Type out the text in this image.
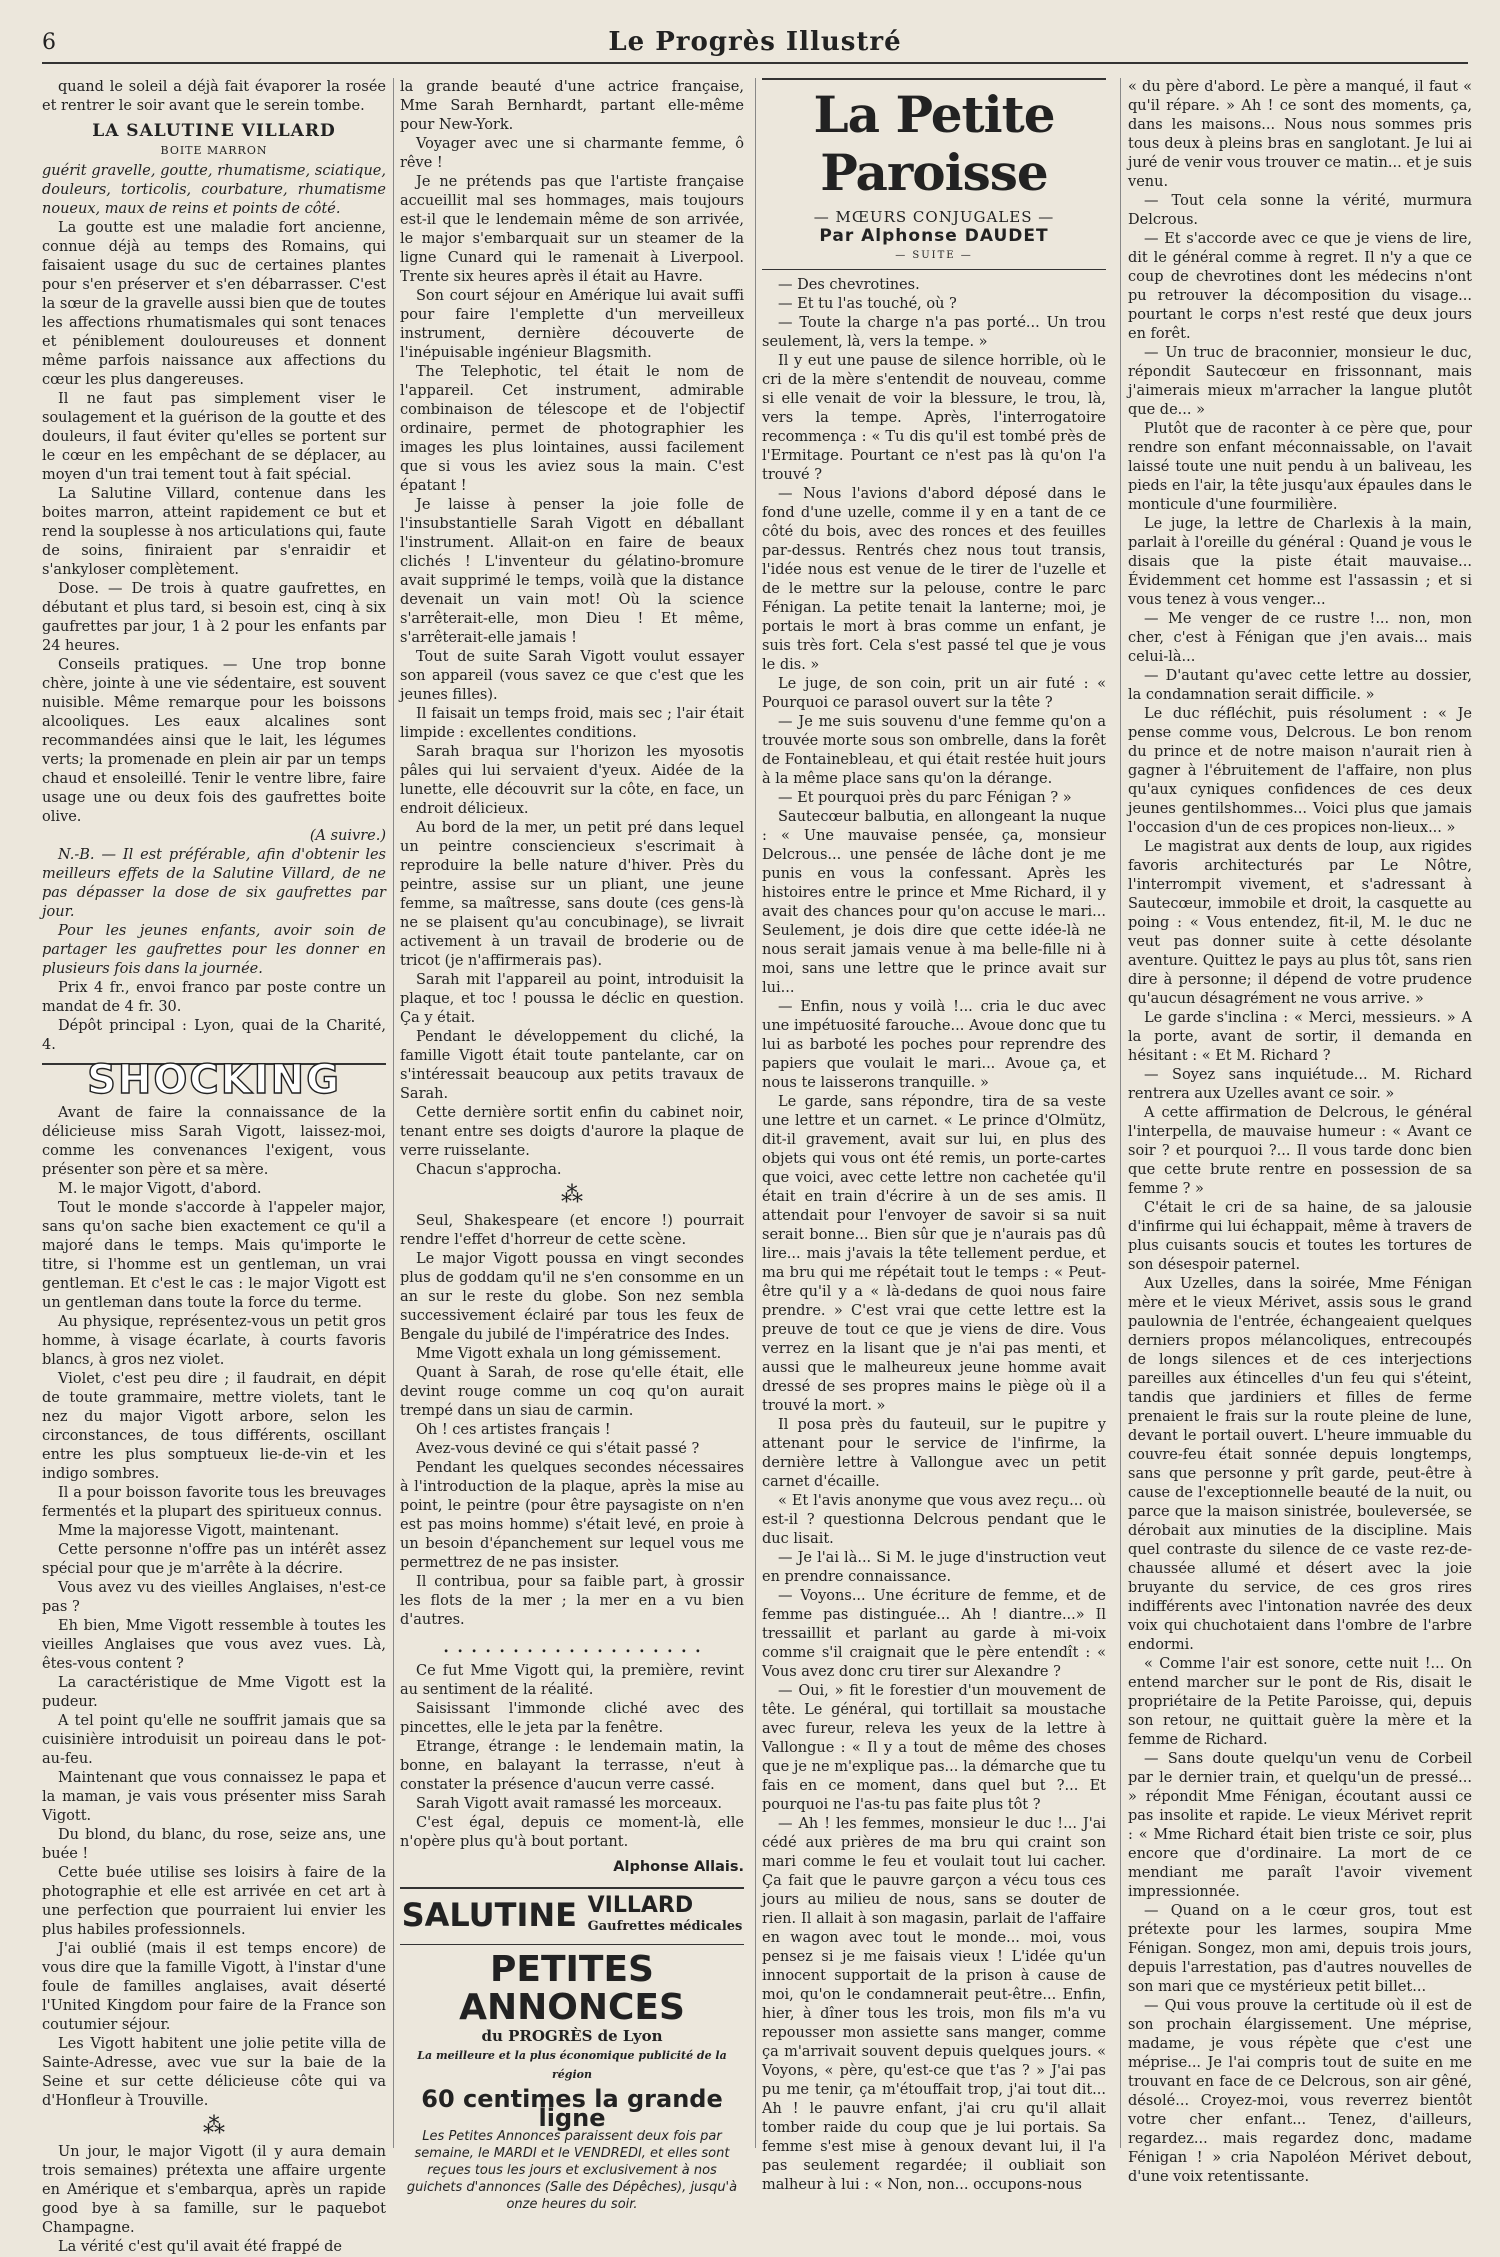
6	Le Progrès Illustré

quand le soleil a déjà fait évaporer la rosée et rentrer le soir avant que le serein tombe.

LA SALUTINE VILLARD
BOITE MARRON

guérit gravelle, goutte, rhumatisme, sciatique, douleurs, torticolis, courbature, rhumatisme noueux, maux de reins et points de côté.

La goutte est une maladie fort ancienne, connue déjà au temps des Romains, qui faisaient usage du suc de certaines plantes pour s'en préserver et s'en débarrasser. C'est la sœur de la gravelle aussi bien que de toutes les affections rhumatismales qui sont tenaces et péniblement douloureuses et donnent même parfois naissance aux affections du cœur les plus dangereuses.

Il ne faut pas simplement viser le soulagement et la guérison de la goutte et des douleurs, il faut éviter qu'elles se portent sur le cœur en les empêchant de se déplacer, au moyen d'un trai tement tout à fait spécial.

La Salutine Villard, contenue dans les boites marron, atteint rapidement ce but et rend la souplesse à nos articulations qui, faute de soins, finiraient par s'enraidir et s'ankyloser complètement.

Dose. — De trois à quatre gaufrettes, en débutant et plus tard, si besoin est, cinq à six gaufrettes par jour, 1 à 2 pour les enfants par 24 heures.

Conseils pratiques. — Une trop bonne chère, jointe à une vie sédentaire, est souvent nuisible. Même remarque pour les boissons alcooliques. Les eaux alcalines sont recommandées ainsi que le lait, les légumes verts; la promenade en plein air par un temps chaud et ensoleillé. Tenir le ventre libre, faire usage une ou deux fois des gaufrettes boite olive.

(A suivre.)

N.-B. — Il est préférable, afin d'obtenir les meilleurs effets de la Salutine Villard, de ne pas dépasser la dose de six gaufrettes par jour.

Pour les jeunes enfants, avoir soin de partager les gaufrettes pour les donner en plusieurs fois dans la journée.

Prix 4 fr., envoi franco par poste contre un mandat de 4 fr. 30.

Dépôt principal : Lyon, quai de la Charité, 4.

SHOCKING

Avant de faire la connaissance de la délicieuse miss Sarah Vigott, laissez-moi, comme les convenances l'exigent, vous présenter son père et sa mère.

M. le major Vigott, d'abord.

Tout le monde s'accorde à l'appeler major, sans qu'on sache bien exactement ce qu'il a majoré dans le temps. Mais qu'importe le titre, si l'homme est un gentleman, un vrai gentleman. Et c'est le cas : le major Vigott est un gentleman dans toute la force du terme.

Au physique, représentez-vous un petit gros homme, à visage écarlate, à courts favoris blancs, à gros nez violet.

Violet, c'est peu dire ; il faudrait, en dépit de toute grammaire, mettre violets, tant le nez du major Vigott arbore, selon les circonstances, de tous différents, oscillant entre les plus somptueux lie-de-vin et les indigo sombres.

Il a pour boisson favorite tous les breuvages fermentés et la plupart des spiritueux connus.

Mme la majoresse Vigott, maintenant.

Cette personne n'offre pas un intérêt assez spécial pour que je m'arrête à la décrire.

Vous avez vu des vieilles Anglaises, n'est-ce pas ?

Eh bien, Mme Vigott ressemble à toutes les vieilles Anglaises que vous avez vues. Là, êtes-vous content ?

La caractéristique de Mme Vigott est la pudeur.

A tel point qu'elle ne souffrit jamais que sa cuisinière introduisit un poireau dans le pot-au-feu.

Maintenant que vous connaissez le papa et la maman, je vais vous présenter miss Sarah Vigott.

Du blond, du blanc, du rose, seize ans, une buée !

Cette buée utilise ses loisirs à faire de la photographie et elle est arrivée en cet art à une perfection que pourraient lui envier les plus habiles professionnels.

J'ai oublié (mais il est temps encore) de vous dire que la famille Vigott, à l'instar d'une foule de familles anglaises, avait déserté l'United Kingdom pour faire de la France son coutumier séjour.

Les Vigott habitent une jolie petite villa de Sainte-Adresse, avec vue sur la baie de la Seine et sur cette délicieuse côte qui va d'Honfleur à Trouville.

⁂

Un jour, le major Vigott (il y aura demain trois semaines) prétexta une affaire urgente en Amérique et s'embarqua, après un rapide good bye à sa famille, sur le paquebot Champagne.

La vérité c'est qu'il avait été frappé de

la grande beauté d'une actrice française, Mme Sarah Bernhardt, partant elle-même pour New-York.

Voyager avec une si charmante femme, ô rêve !

Je ne prétends pas que l'artiste française accueillit mal ses hommages, mais toujours est-il que le lendemain même de son arrivée, le major s'embarquait sur un steamer de la ligne Cunard qui le ramenait à Liverpool. Trente six heures après il était au Havre.

Son court séjour en Amérique lui avait suffi pour faire l'emplette d'un merveilleux instrument, dernière découverte de l'inépuisable ingénieur Blagsmith.

The Telephotic, tel était le nom de l'appareil. Cet instrument, admirable combinaison de télescope et de l'objectif ordinaire, permet de photographier les images les plus lointaines, aussi facilement que si vous les aviez sous la main. C'est épatant !

Je laisse à penser la joie folle de l'insubstantielle Sarah Vigott en déballant l'instrument. Allait-on en faire de beaux clichés ! L'inventeur du gélatino-bromure avait supprimé le temps, voilà que la distance devenait un vain mot! Où la science s'arrêterait-elle, mon Dieu ! Et même, s'arrêterait-elle jamais !

Tout de suite Sarah Vigott voulut essayer son appareil (vous savez ce que c'est que les jeunes filles).

Il faisait un temps froid, mais sec ; l'air était limpide : excellentes conditions.

Sarah braqua sur l'horizon les myosotis pâles qui lui servaient d'yeux. Aidée de la lunette, elle découvrit sur la côte, en face, un endroit délicieux.

Au bord de la mer, un petit pré dans lequel un peintre consciencieux s'escrimait à reproduire la belle nature d'hiver. Près du peintre, assise sur un pliant, une jeune femme, sa maîtresse, sans doute (ces gens-là ne se plaisent qu'au concubinage), se livrait activement à un travail de broderie ou de tricot (je n'affirmerais pas).

Sarah mit l'appareil au point, introduisit la plaque, et toc ! poussa le déclic en question. Ça y était.

Pendant le développement du cliché, la famille Vigott était toute pantelante, car on s'intéressait beaucoup aux petits travaux de Sarah.

Cette dernière sortit enfin du cabinet noir, tenant entre ses doigts d'aurore la plaque de verre ruisselante.

Chacun s'approcha.

⁂

Seul, Shakespeare (et encore !) pourrait rendre l'effet d'horreur de cette scène.

Le major Vigott poussa en vingt secondes plus de goddam qu'il ne s'en consomme en un an sur le reste du globe. Son nez sembla successivement éclairé par tous les feux de Bengale du jubilé de l'impératrice des Indes.

Mme Vigott exhala un long gémissement.

Quant à Sarah, de rose qu'elle était, elle devint rouge comme un coq qu'on aurait trempé dans un siau de carmin.

Oh ! ces artistes français !

Avez-vous deviné ce qui s'était passé ?

Pendant les quelques secondes nécessaires à l'introduction de la plaque, après la mise au point, le peintre (pour être paysagiste on n'en est pas moins homme) s'était levé, en proie à un besoin d'épanchement sur lequel vous me permettrez de ne pas insister.

Il contribua, pour sa faible part, à grossir les flots de la mer ; la mer en a vu bien d'autres.

. . . . . . . . . . . . . . . . . . .

Ce fut Mme Vigott qui, la première, revint au sentiment de la réalité.

Saisissant l'immonde cliché avec des pincettes, elle le jeta par la fenêtre.

Etrange, étrange : le lendemain matin, la bonne, en balayant la terrasse, n'eut à constater la présence d'aucun verre cassé.

Sarah Vigott avait ramassé les morceaux.

C'est égal, depuis ce moment-là, elle n'opère plus qu'à bout portant.

Alphonse Allais.
SALUTINE VILLARD
Gaufrettes médicales
PETITES ANNONCES
du PROGRÈS de Lyon
La meilleure et la plus économique publicité de la région
60 centimes la grande ligne
Les Petites Annonces paraissent deux fois par semaine, le MARDI et le VENDREDI, et elles sont reçues tous les jours et exclusivement à nos guichets d'annonces (Salle des Dépêches), jusqu'à onze heures du soir.
La Petite Paroisse
— MŒURS CONJUGALES —
Par Alphonse DAUDET
— SUITE —

— Des chevrotines.

— Et tu l'as touché, où ?

— Toute la charge n'a pas porté... Un trou seulement, là, vers la tempe. »

Il y eut une pause de silence horrible, où le cri de la mère s'entendit de nouveau, comme si elle venait de voir la blessure, le trou, là, vers la tempe. Après, l'interrogatoire recommença : « Tu dis qu'il est tombé près de l'Ermitage. Pourtant ce n'est pas là qu'on l'a trouvé ?

— Nous l'avions d'abord déposé dans le fond d'une uzelle, comme il y en a tant de ce côté du bois, avec des ronces et des feuilles par-dessus. Rentrés chez nous tout transis, l'idée nous est venue de le tirer de l'uzelle et de le mettre sur la pelouse, contre le parc Fénigan. La petite tenait la lanterne; moi, je portais le mort à bras comme un enfant, je suis très fort. Cela s'est passé tel que je vous le dis. »

Le juge, de son coin, prit un air futé : « Pourquoi ce parasol ouvert sur la tête ?

— Je me suis souvenu d'une femme qu'on a trouvée morte sous son ombrelle, dans la forêt de Fontainebleau, et qui était restée huit jours à la même place sans qu'on la dérange.

— Et pourquoi près du parc Fénigan ? »

Sautecœur balbutia, en allongeant la nuque : « Une mauvaise pensée, ça, monsieur Delcrous... une pensée de lâche dont je me punis en vous la confessant. Après les histoires entre le prince et Mme Richard, il y avait des chances pour qu'on accuse le mari... Seulement, je dois dire que cette idée-là ne nous serait jamais venue à ma belle-fille ni à moi, sans une lettre que le prince avait sur lui...

— Enfin, nous y voilà !... cria le duc avec une impétuosité farouche... Avoue donc que tu lui as barboté les poches pour reprendre des papiers que voulait le mari... Avoue ça, et nous te laisserons tranquille. »

Le garde, sans répondre, tira de sa veste une lettre et un carnet. « Le prince d'Olmütz, dit-il gravement, avait sur lui, en plus des objets qui vous ont été remis, un porte-cartes que voici, avec cette lettre non cachetée qu'il était en train d'écrire à un de ses amis. Il attendait pour l'envoyer de savoir si sa nuit serait bonne... Bien sûr que je n'aurais pas dû lire... mais j'avais la tête tellement perdue, et ma bru qui me répétait tout le temps : « Peut-être qu'il y a « là-dedans de quoi nous faire prendre. » C'est vrai que cette lettre est la preuve de tout ce que je viens de dire. Vous verrez en la lisant que je n'ai pas menti, et aussi que le malheureux jeune homme avait dressé de ses propres mains le piège où il a trouvé la mort. »

Il posa près du fauteuil, sur le pupitre y attenant pour le service de l'infirme, la dernière lettre à Vallongue avec un petit carnet d'écaille.

« Et l'avis anonyme que vous avez reçu... où est-il ? questionna Delcrous pendant que le duc lisait.

— Je l'ai là... Si M. le juge d'instruction veut en prendre connaissance.

— Voyons... Une écriture de femme, et de femme pas distinguée... Ah ! diantre...» Il tressaillit et parlant au garde à mi-voix comme s'il craignait que le père entendît : « Vous avez donc cru tirer sur Alexandre ?

— Oui, » fit le forestier d'un mouvement de tête. Le général, qui tortillait sa moustache avec fureur, releva les yeux de la lettre à Vallongue : « Il y a tout de même des choses que je ne m'explique pas... la démarche que tu fais en ce moment, dans quel but ?... Et pourquoi ne l'as-tu pas faite plus tôt ?

— Ah ! les femmes, monsieur le duc !... J'ai cédé aux prières de ma bru qui craint son mari comme le feu et voulait tout lui cacher. Ça fait que le pauvre garçon a vécu tous ces jours au milieu de nous, sans se douter de rien. Il allait à son magasin, parlait de l'affaire en wagon avec tout le monde... moi, vous pensez si je me faisais vieux ! L'idée qu'un innocent supportait de la prison à cause de moi, qu'on le condamnerait peut-être... Enfin, hier, à dîner tous les trois, mon fils m'a vu repousser mon assiette sans manger, comme ça m'arrivait souvent depuis quelques jours. « Voyons, « père, qu'est-ce que t'as ? » J'ai pas pu me tenir, ça m'étouffait trop, j'ai tout dit... Ah ! le pauvre enfant, j'ai cru qu'il allait tomber raide du coup que je lui portais. Sa femme s'est mise à genoux devant lui, il l'a pas seulement regardée; il oubliait son malheur à lui : « Non, non... occupons-nous

« du père d'abord. Le père a manqué, il faut « qu'il répare. » Ah ! ce sont des moments, ça, dans les maisons... Nous nous sommes pris tous deux à pleins bras en sanglotant. Je lui ai juré de venir vous trouver ce matin... et je suis venu.

— Tout cela sonne la vérité, murmura Delcrous.

— Et s'accorde avec ce que je viens de lire, dit le général comme à regret. Il n'y a que ce coup de chevrotines dont les médecins n'ont pu retrouver la décomposition du visage... pourtant le corps n'est resté que deux jours en forêt.

— Un truc de braconnier, monsieur le duc, répondit Sautecœur en frissonnant, mais j'aimerais mieux m'arracher la langue plutôt que de... »

Plutôt que de raconter à ce père que, pour rendre son enfant méconnaissable, on l'avait laissé toute une nuit pendu à un baliveau, les pieds en l'air, la tête jusqu'aux épaules dans le monticule d'une fourmilière.

Le juge, la lettre de Charlexis à la main, parlait à l'oreille du général : Quand je vous le disais que la piste était mauvaise... Évidemment cet homme est l'assassin ; et si vous tenez à vous venger...

— Me venger de ce rustre !... non, mon cher, c'est à Fénigan que j'en avais... mais celui-là...

— D'autant qu'avec cette lettre au dossier, la condamnation serait difficile. »

Le duc réfléchit, puis résolument : « Je pense comme vous, Delcrous. Le bon renom du prince et de notre maison n'aurait rien à gagner à l'ébruitement de l'affaire, non plus qu'aux cyniques confidences de ces deux jeunes gentilshommes... Voici plus que jamais l'occasion d'un de ces propices non-lieux... »

Le magistrat aux dents de loup, aux rigides favoris architecturés par Le Nôtre, l'interrompit vivement, et s'adressant à Sautecœur, immobile et droit, la casquette au poing : « Vous entendez, fit-il, M. le duc ne veut pas donner suite à cette désolante aventure. Quittez le pays au plus tôt, sans rien dire à personne; il dépend de votre prudence qu'aucun désagrément ne vous arrive. »

Le garde s'inclina : « Merci, messieurs. » A la porte, avant de sortir, il demanda en hésitant : « Et M. Richard ?

— Soyez sans inquiétude... M. Richard rentrera aux Uzelles avant ce soir. »

A cette affirmation de Delcrous, le général l'interpella, de mauvaise humeur : « Avant ce soir ? et pourquoi ?... Il vous tarde donc bien que cette brute rentre en possession de sa femme ? »

C'était le cri de sa haine, de sa jalousie d'infirme qui lui échappait, même à travers de plus cuisants soucis et toutes les tortures de son désespoir paternel.

Aux Uzelles, dans la soirée, Mme Fénigan mère et le vieux Mérivet, assis sous le grand paulownia de l'entrée, échangeaient quelques derniers propos mélancoliques, entrecoupés de longs silences et de ces interjections pareilles aux étincelles d'un feu qui s'éteint, tandis que jardiniers et filles de ferme prenaient le frais sur la route pleine de lune, devant le portail ouvert. L'heure immuable du couvre-feu était sonnée depuis longtemps, sans que personne y prît garde, peut-être à cause de l'exceptionnelle beauté de la nuit, ou parce que la maison sinistrée, bouleversée, se dérobait aux minuties de la discipline. Mais quel contraste du silence de ce vaste rez-de-chaussée allumé et désert avec la joie bruyante du service, de ces gros rires indifférents avec l'intonation navrée des deux voix qui chuchotaient dans l'ombre de l'arbre endormi.

« Comme l'air est sonore, cette nuit !... On entend marcher sur le pont de Ris, disait le propriétaire de la Petite Paroisse, qui, depuis son retour, ne quittait guère la mère et la femme de Richard.

— Sans doute quelqu'un venu de Corbeil par le dernier train, et quelqu'un de pressé... » répondit Mme Fénigan, écoutant aussi ce pas insolite et rapide. Le vieux Mérivet reprit : « Mme Richard était bien triste ce soir, plus encore que d'ordinaire. La mort de ce mendiant me paraît l'avoir vivement impressionnée.

— Quand on a le cœur gros, tout est prétexte pour les larmes, soupira Mme Fénigan. Songez, mon ami, depuis trois jours, depuis l'arrestation, pas d'autres nouvelles de son mari que ce mystérieux petit billet...

— Qui vous prouve la certitude où il est de son prochain élargissement. Une méprise, madame, je vous répète que c'est une méprise... Je l'ai compris tout de suite en me trouvant en face de ce Delcrous, son air gêné, désolé... Croyez-moi, vous reverrez bientôt votre cher enfant... Tenez, d'ailleurs, regardez... mais regardez donc, madame Fénigan ! » cria Napoléon Mérivet debout, d'une voix retentissante.
